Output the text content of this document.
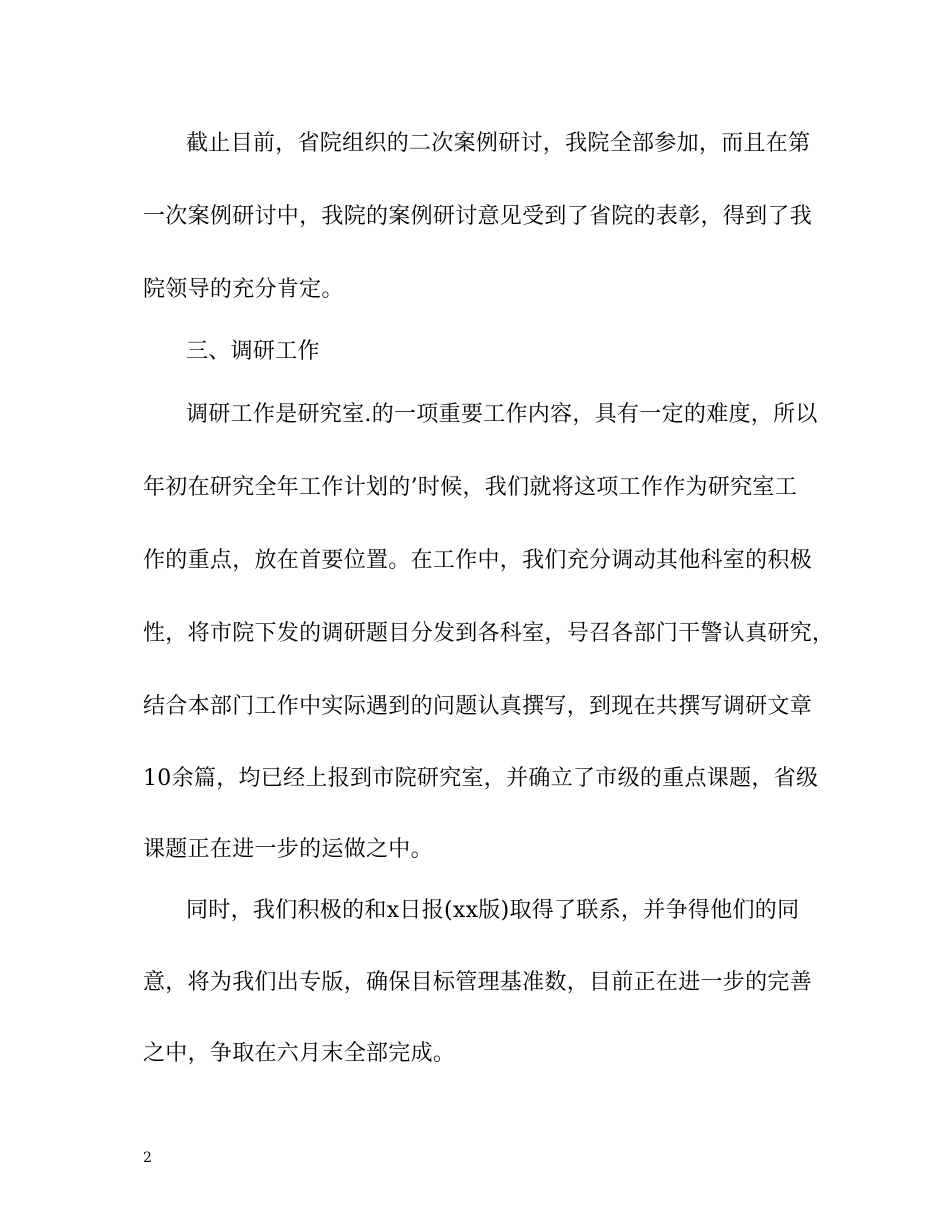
截止目前，省院组织的二次案例研讨，我院全部参加，而且在第
一次案例研讨中，我院的案例研讨意见受到了省院的表彰，得到了我
院领导的充分肯定。
三、调研工作
调研工作是研究室.的一项重要工作内容，具有一定的难度，所以
年初在研究全年工作计划的’时候，我们就将这项工作作为研究室工
作的重点，放在首要位置。在工作中，我们充分调动其他科室的积极
性，将市院下发的调研题目分发到各科室，号召各部门干警认真研究，
结合本部门工作中实际遇到的问题认真撰写，到现在共撰写调研文章
10余篇，均已经上报到市院研究室，并确立了市级的重点课题，省级
课题正在进一步的运做之中。
同时，我们积极的和x日报(xx版)取得了联系，并争得他们的同
意，将为我们出专版，确保目标管理基准数，目前正在进一步的完善
之中，争取在六月末全部完成。
2
